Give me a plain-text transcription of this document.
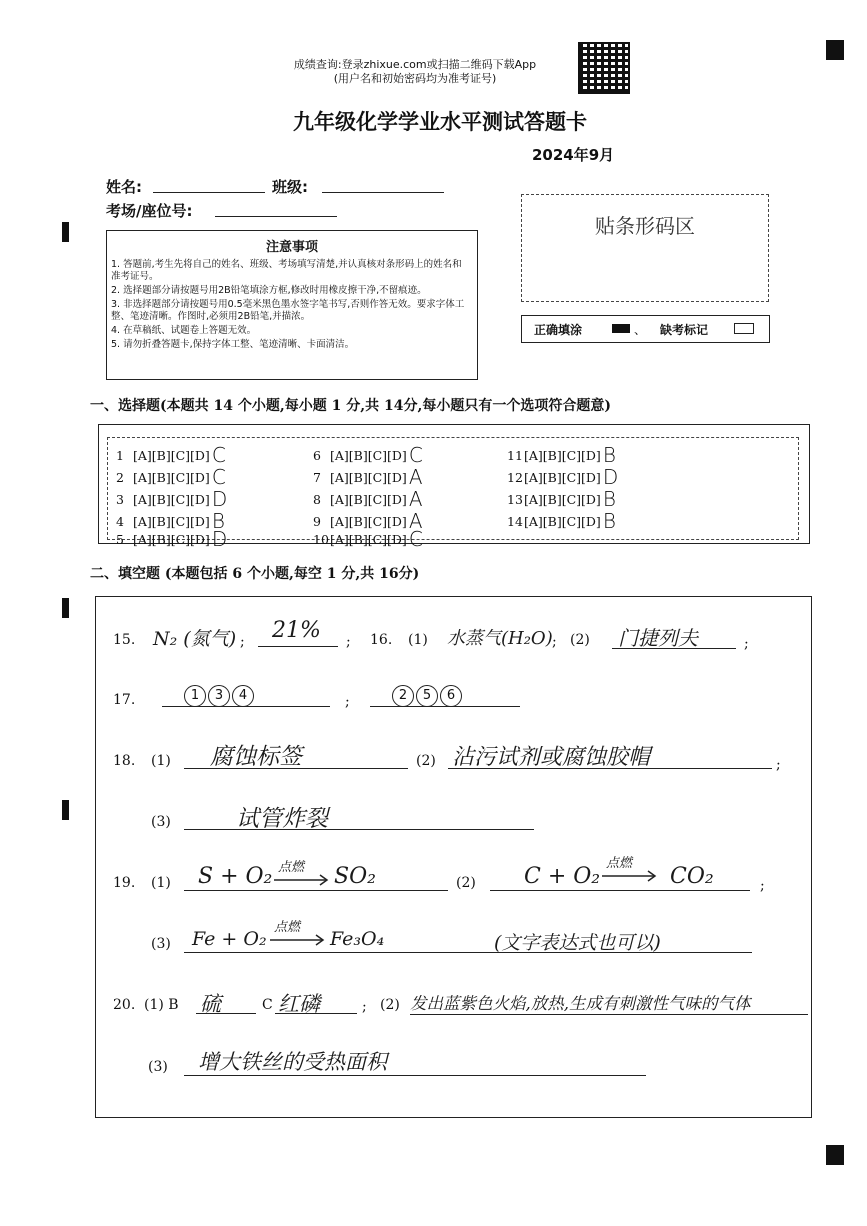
成绩查询:登录zhixue.com或扫描二维码下载App
(用户名和初始密码均为准考证号)
九年级化学学业水平测试答题卡
2024年9月
姓名:	班级:
考场/座位号:
贴条形码区
正确填涂	、 缺考标记
注意事项
1. 答题前,考生先将自己的姓名、班级、考场填写清楚,并认真核对条形码上的姓名和准考证号。
2. 选择题部分请按题号用2B铅笔填涂方框,修改时用橡皮擦干净,不留痕迹。
3. 非选择题部分请按题号用0.5毫米黑色墨水签字笔书写,否则作答无效。要求字体工整、笔迹清晰。作图时,必须用2B铅笔,并描浓。
4. 在草稿纸、试题卷上答题无效。
5. 请勿折叠答题卡,保持字体工整、笔迹清晰、卡面清洁。
一、选择题(本题共 14 个小题,每小题 1 分,共 14分,每小题只有一个选项符合题意)
1 [A][B][C][D] C
2 [A][B][C][D] C
3 [A][B][C][D] D
4 [A][B][C][D] B
5 [A][B][C][D] D
6 [A][B][C][D] C
7 [A][B][C][D] A
8 [A][B][C][D] A
9 [A][B][C][D] A
10[A][B][C][D] C
11[A][B][C][D] B
12[A][B][C][D] D
13[A][B][C][D] B
14[A][B][C][D] B
二、填空题 (本题包括 6 个小题,每空 1 分,共 16分)
15. N₂ (氮气) ; 21% ; 16. (1) 水蒸气(H₂O) ; (2) 门捷列夫	;
17.	1 3 4	;	2 5 6
18. (1) 腐蚀标签	(2) 沾污试剂或腐蚀胶帽	;
(3)	试管炸裂
19. (1) S + O₂ 点燃 SO₂	(2) C + O₂
点燃
CO₂	;
(3) Fe + O₂
点燃
Fe₃O₄	(文字表达式也可以)
20. (1) B 硫	C 红磷	; (2) 发出蓝紫色火焰,放热,生成有刺激性气味的气体
(3) 增大铁丝的受热面积
